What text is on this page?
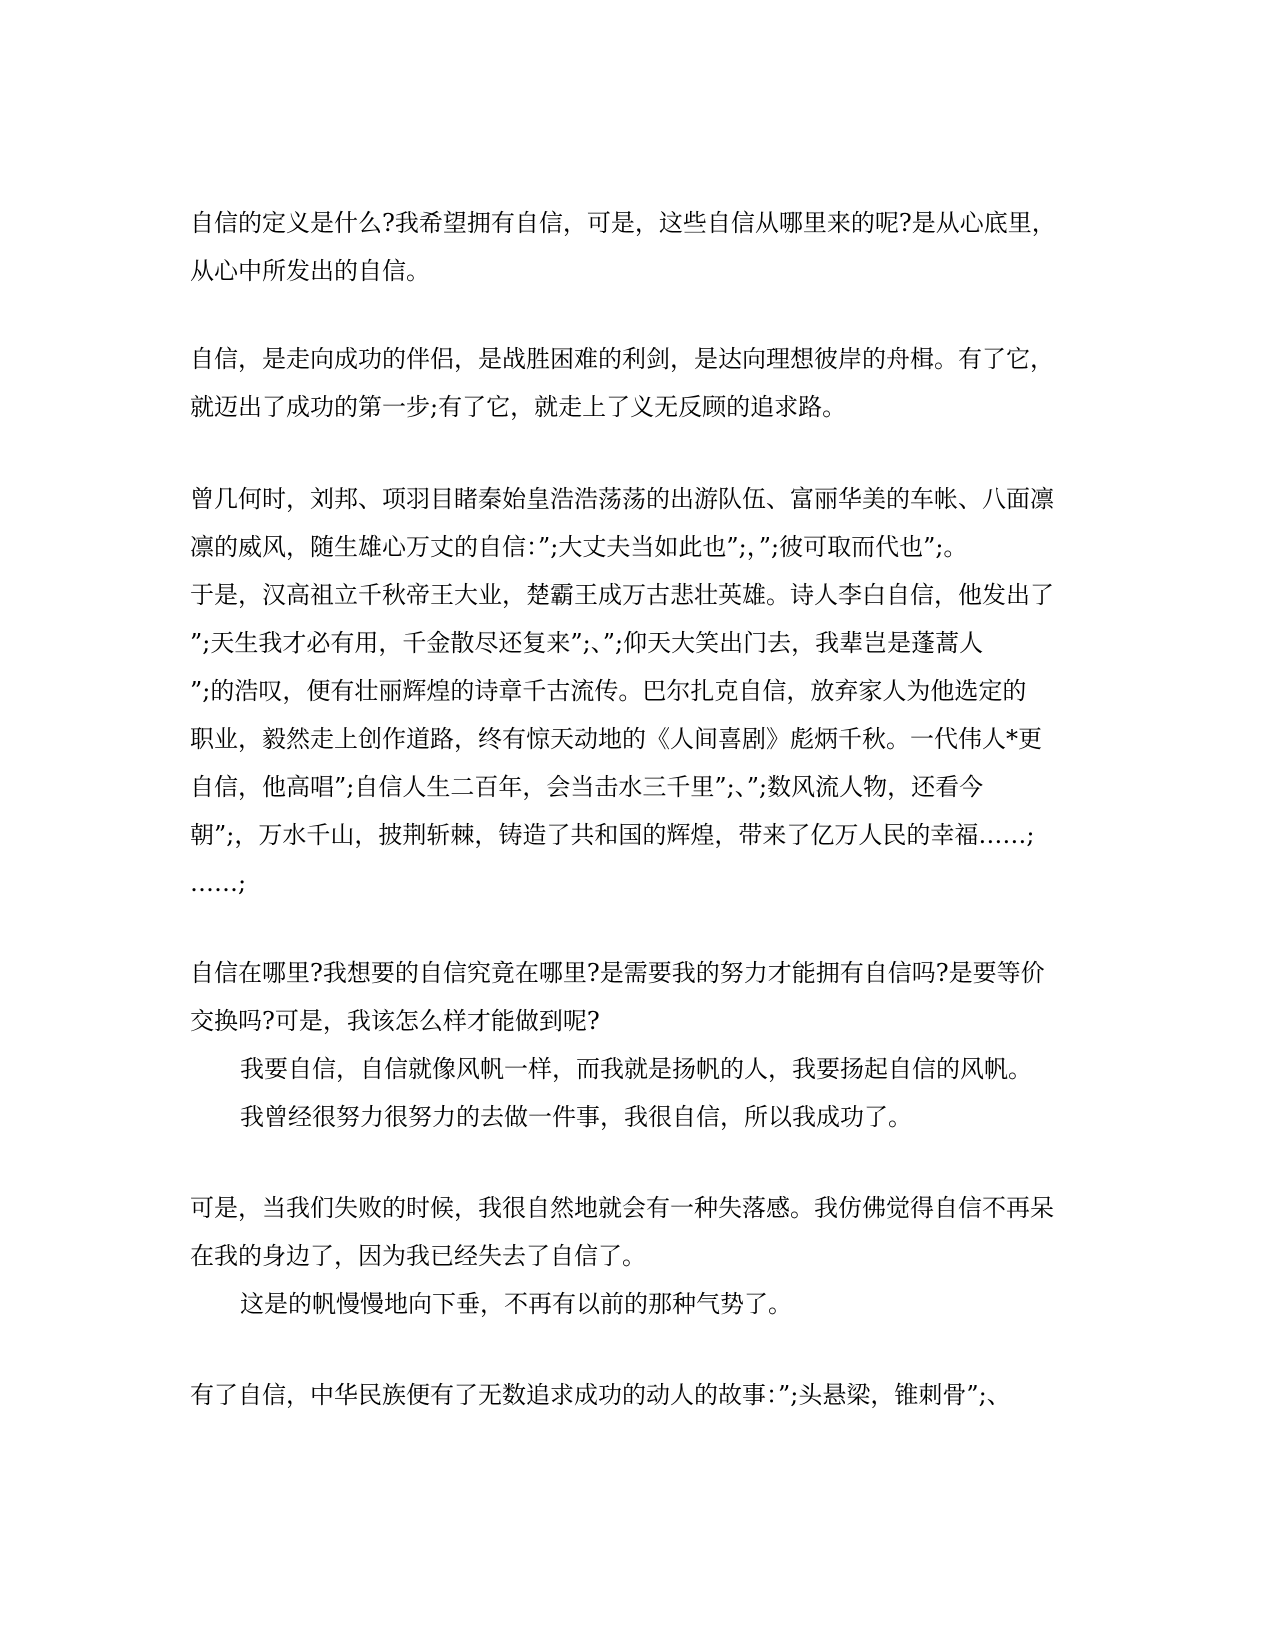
自信的定义是什么?我希望拥有自信，可是，这些自信从哪里来的呢?是从心底里，

从心中所发出的自信。

自信，是走向成功的伴侣，是战胜困难的利剑，是达向理想彼岸的舟楫。有了它，

就迈出了成功的第一步;有了它，就走上了义无反顾的追求路。

曾几何时，刘邦、项羽目睹秦始皇浩浩荡荡的出游队伍、富丽华美的车帐、八面凛

凛的威风，随生雄心万丈的自信：”;大丈夫当如此也”;，”;彼可取而代也”;。

于是，汉高祖立千秋帝王大业，楚霸王成万古悲壮英雄。诗人李白自信，他发出了

”;天生我才必有用，千金散尽还复来”;、”;仰天大笑出门去，我辈岂是蓬蒿人

”;的浩叹，便有壮丽辉煌的诗章千古流传。巴尔扎克自信，放弃家人为他选定的

职业，毅然走上创作道路，终有惊天动地的《人间喜剧》彪炳千秋。一代伟人*更

自信，他高唱”;自信人生二百年，会当击水三千里”;、”;数风流人物，还看今

朝”;，万水千山，披荆斩棘，铸造了共和国的辉煌，带来了亿万人民的幸福……;

……;

自信在哪里?我想要的自信究竟在哪里?是需要我的努力才能拥有自信吗?是要等价

交换吗?可是，我该怎么样才能做到呢?

我要自信，自信就像风帆一样，而我就是扬帆的人，我要扬起自信的风帆。

我曾经很努力很努力的去做一件事，我很自信，所以我成功了。

可是，当我们失败的时候，我很自然地就会有一种失落感。我仿佛觉得自信不再呆

在我的身边了，因为我已经失去了自信了。

这是的帆慢慢地向下垂，不再有以前的那种气势了。

有了自信，中华民族便有了无数追求成功的动人的故事：”;头悬梁，锥刺骨”;、
